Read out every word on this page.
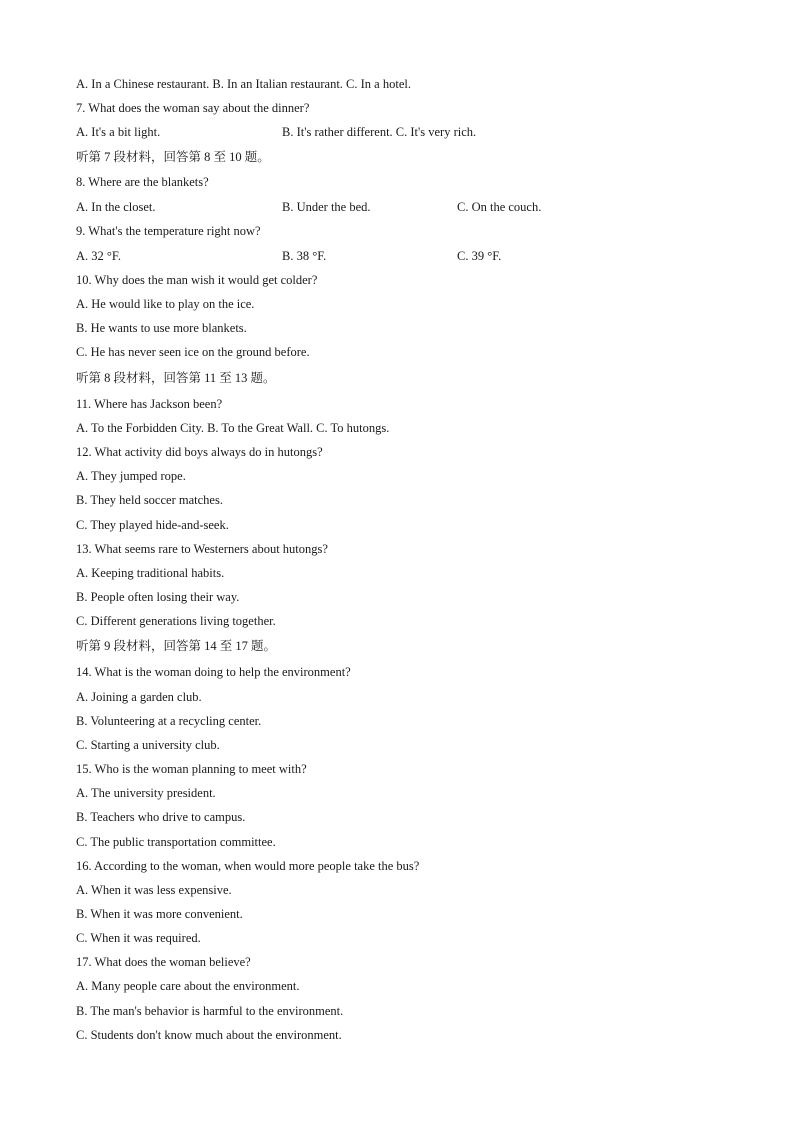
A. In a Chinese restaurant. B. In an Italian restaurant. C. In a hotel.
7. What does the woman say about the dinner?
A. It's a bit light.	B. It's rather different. C. It's very rich.
听第 7 段材料，回答第 8 至 10 题。
8. Where are the blankets?
A. In the closet.	B. Under the bed.	C. On the couch.
9. What's the temperature right now?
A. 32 °F.	B. 38 °F.	C. 39 °F.
10. Why does the man wish it would get colder?
A. He would like to play on the ice.
B. He wants to use more blankets.
C. He has never seen ice on the ground before.
听第 8 段材料，回答第 11 至 13 题。
11. Where has Jackson been?
A. To the Forbidden City. B. To the Great Wall. C. To hutongs.
12. What activity did boys always do in hutongs?
A. They jumped rope.
B. They held soccer matches.
C. They played hide-and-seek.
13. What seems rare to Westerners about hutongs?
A. Keeping traditional habits.
B. People often losing their way.
C. Different generations living together.
听第 9 段材料，回答第 14 至 17 题。
14. What is the woman doing to help the environment?
A. Joining a garden club.
B. Volunteering at a recycling center.
C. Starting a university club.
15. Who is the woman planning to meet with?
A. The university president.
B. Teachers who drive to campus.
C. The public transportation committee.
16. According to the woman, when would more people take the bus?
A. When it was less expensive.
B. When it was more convenient.
C. When it was required.
17. What does the woman believe?
A. Many people care about the environment.
B. The man's behavior is harmful to the environment.
C. Students don't know much about the environment.
